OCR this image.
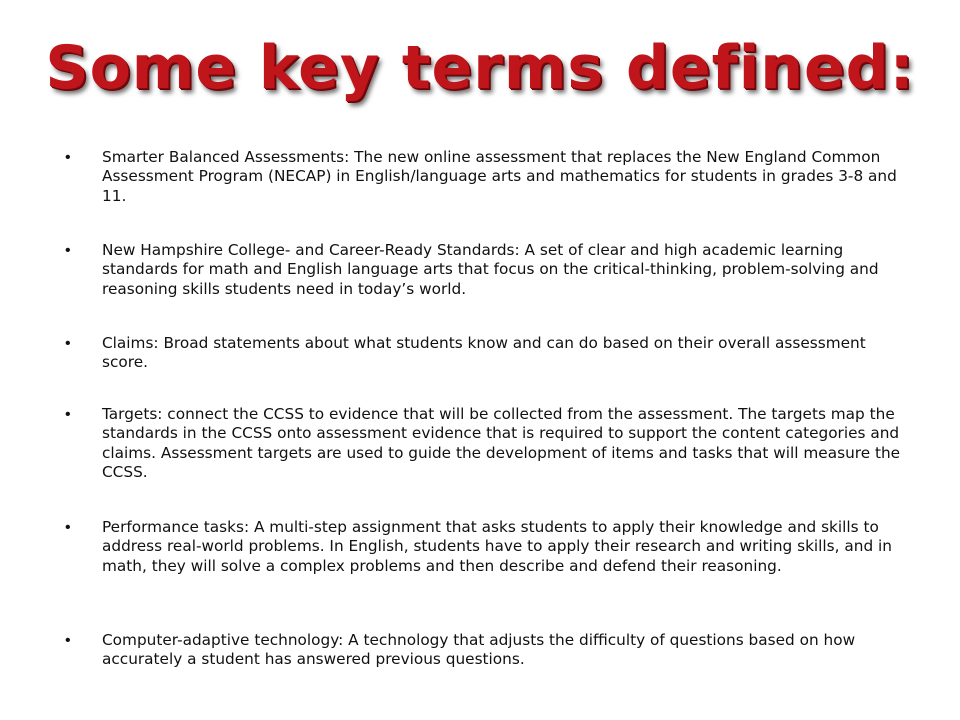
Some key terms defined:
• Smarter Balanced Assessments: The new online assessment that replaces the New England Common Assessment Program (NECAP) in English/language arts and mathematics for students in grades 3-8 and 11.
• New Hampshire College- and Career-Ready Standards: A set of clear and high academic learning standards for math and English language arts that focus on the critical-thinking, problem-solving and reasoning skills students need in today’s world.
• Claims: Broad statements about what students know and can do based on their overall assessment score.
• Targets: connect the CCSS to evidence that will be collected from the assessment. The targets map the standards in the CCSS onto assessment evidence that is required to support the content categories and claims. Assessment targets are used to guide the development of items and tasks that will measure the CCSS.
• Performance tasks: A multi-step assignment that asks students to apply their knowledge and skills to address real-world problems. In English, students have to apply their research and writing skills, and in math, they will solve a complex problems and then describe and defend their reasoning.
• Computer-adaptive technology: A technology that adjusts the difficulty of questions based on how accurately a student has answered previous questions.
